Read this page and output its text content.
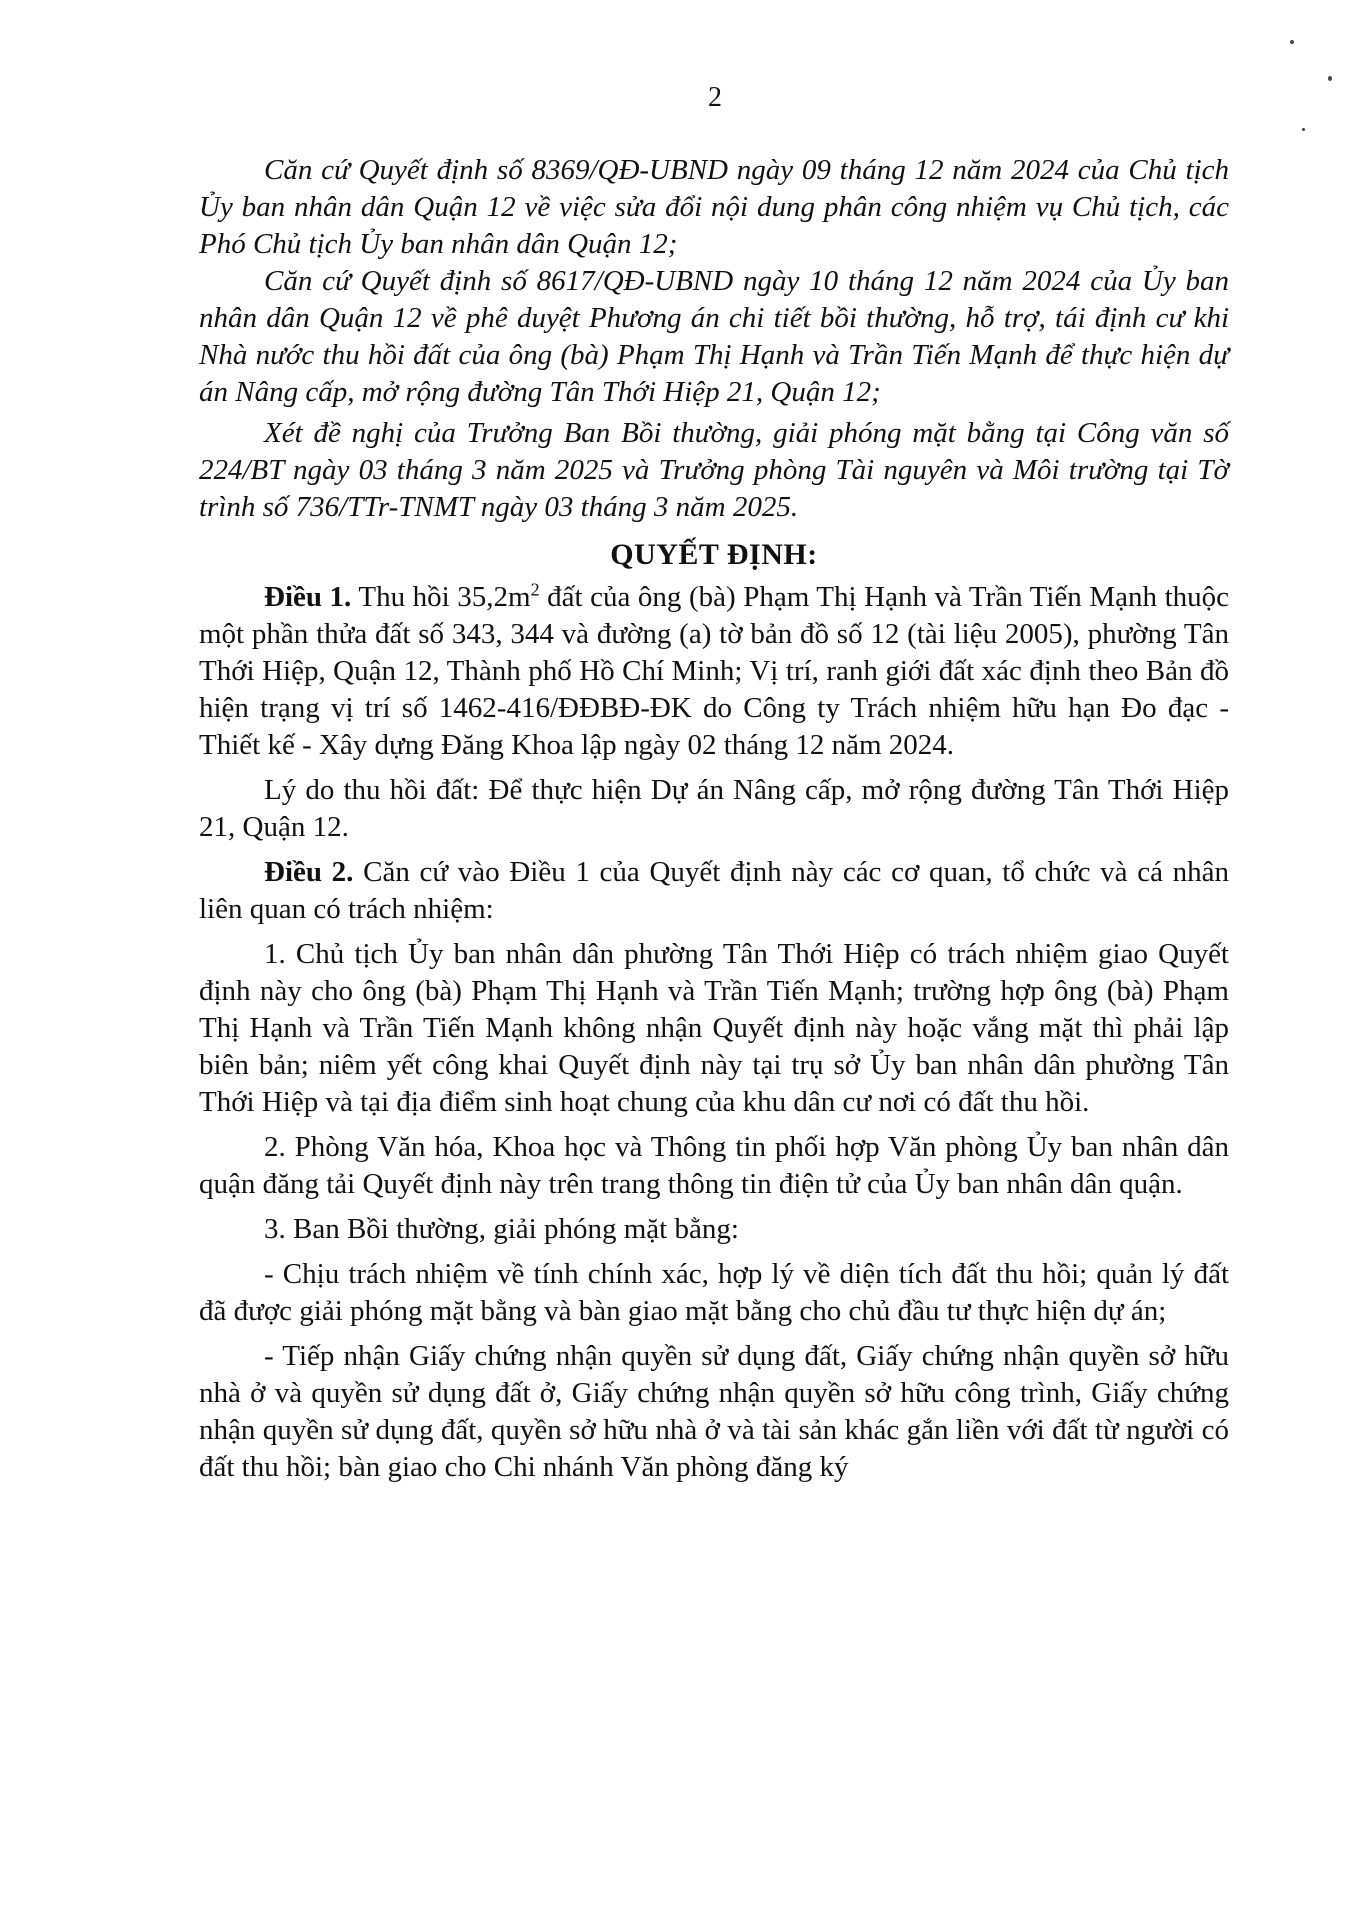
2

Căn cứ Quyết định số 8369/QĐ-UBND ngày 09 tháng 12 năm 2024 của Chủ tịch Ủy ban nhân dân Quận 12 về việc sửa đổi nội dung phân công nhiệm vụ Chủ tịch, các Phó Chủ tịch Ủy ban nhân dân Quận 12;

Căn cứ Quyết định số 8617/QĐ-UBND ngày 10 tháng 12 năm 2024 của Ủy ban nhân dân Quận 12 về phê duyệt Phương án chi tiết bồi thường, hỗ trợ, tái định cư khi Nhà nước thu hồi đất của ông (bà) Phạm Thị Hạnh và Trần Tiến Mạnh để thực hiện dự án Nâng cấp, mở rộng đường Tân Thới Hiệp 21, Quận 12;

Xét đề nghị của Trưởng Ban Bồi thường, giải phóng mặt bằng tại Công văn số 224/BT ngày 03 tháng 3 năm 2025 và Trưởng phòng Tài nguyên và Môi trường tại Tờ trình số 736/TTr-TNMT ngày 03 tháng 3 năm 2025.

QUYẾT ĐỊNH:

Điều 1. Thu hồi $35,2m^2$ đất của ông (bà) Phạm Thị Hạnh và Trần Tiến Mạnh thuộc một phần thửa đất số 343, 344 và đường (a) tờ bản đồ số 12 (tài liệu 2005), phường Tân Thới Hiệp, Quận 12, Thành phố Hồ Chí Minh; Vị trí, ranh giới đất xác định theo Bản đồ hiện trạng vị trí số 1462-416/ĐĐBĐ-ĐK do Công ty Trách nhiệm hữu hạn Đo đạc - Thiết kế - Xây dựng Đăng Khoa lập ngày 02 tháng 12 năm 2024.

Lý do thu hồi đất: Để thực hiện Dự án Nâng cấp, mở rộng đường Tân Thới Hiệp 21, Quận 12.

Điều 2. Căn cứ vào Điều 1 của Quyết định này các cơ quan, tổ chức và cá nhân liên quan có trách nhiệm:

1. Chủ tịch Ủy ban nhân dân phường Tân Thới Hiệp có trách nhiệm giao Quyết định này cho ông (bà) Phạm Thị Hạnh và Trần Tiến Mạnh; trường hợp ông (bà) Phạm Thị Hạnh và Trần Tiến Mạnh không nhận Quyết định này hoặc vắng mặt thì phải lập biên bản; niêm yết công khai Quyết định này tại trụ sở Ủy ban nhân dân phường Tân Thới Hiệp và tại địa điểm sinh hoạt chung của khu dân cư nơi có đất thu hồi.

2. Phòng Văn hóa, Khoa học và Thông tin phối hợp Văn phòng Ủy ban nhân dân quận đăng tải Quyết định này trên trang thông tin điện tử của Ủy ban nhân dân quận.

3. Ban Bồi thường, giải phóng mặt bằng:

- Chịu trách nhiệm về tính chính xác, hợp lý về diện tích đất thu hồi; quản lý đất đã được giải phóng mặt bằng và bàn giao mặt bằng cho chủ đầu tư thực hiện dự án;

- Tiếp nhận Giấy chứng nhận quyền sử dụng đất, Giấy chứng nhận quyền sở hữu nhà ở và quyền sử dụng đất ở, Giấy chứng nhận quyền sở hữu công trình, Giấy chứng nhận quyền sử dụng đất, quyền sở hữu nhà ở và tài sản khác gắn liền với đất từ người có đất thu hồi; bàn giao cho Chi nhánh Văn phòng đăng ký
